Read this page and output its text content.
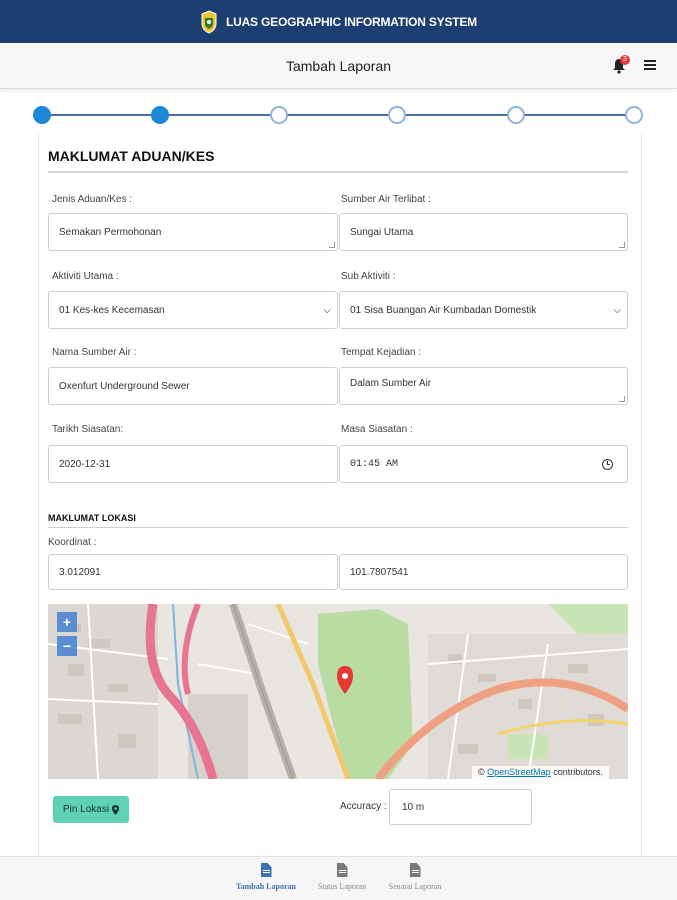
LUAS GEOGRAPHIC INFORMATION SYSTEM
Tambah Laporan	3
MAKLUMAT ADUAN/KES
Jenis Aduan/Kes :
Semakan Permohonan
Sumber Air Terlibat :
Sungai Utama
Aktiviti Utama :
01 Kes-kes Kecemasan	⌵
Sub Aktiviti :
01 Sisa Buangan Air Kumbadan Domestik	⌵
Nama Sumber Air :
Oxenfurt Underground Sewer
Tempat Kejadian :
Dalam Sumber Air
Tarikh Siasatan:
2020-12-31
Masa Siasatan :
01:45 AM
MAKLUMAT LOKASI
Koordinat :
3.012091	101.7807541
+
−
© OpenStreetMap contributors.
Pin Lokasi	Accuracy : 10 m
Tambah Laporan	Status Laporan	Senarai Laporan
